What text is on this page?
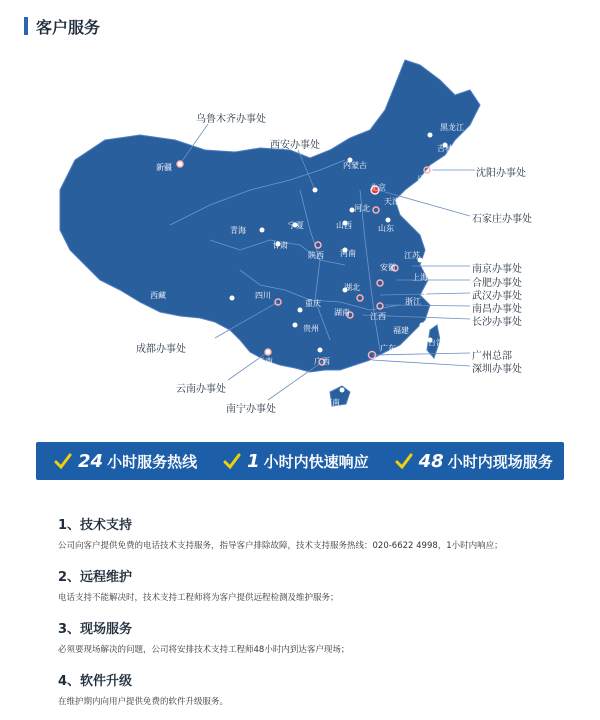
客户服务
黑龙江
吉林
辽宁
内蒙古
新疆
青海
甘肃
宁夏
陕西
山西
河北
北京
天津
山东
河南	江苏
安徽
上海
湖北
浙江
西藏	四川
重庆
湖南	江西
贵州	福建
台湾
云南	广西
广东
海南
乌鲁木齐办事处
西安办事处
沈阳办事处
石家庄办事处
南京办事处
合肥办事处
武汉办事处
南昌办事处
长沙办事处
成都办事处
广州总部
深圳办事处
云南办事处
南宁办事处
24 小时服务热线	1 小时内快速响应	48 小时内现场服务
1、技术支持
公司向客户提供免费的电话技术支持服务，指导客户排除故障，技术支持服务热线：020-6622 4998，1小时内响应；
2、远程维护
电话支持不能解决时，技术支持工程师将为客户提供远程检测及维护服务；
3、现场服务
必须要现场解决的问题，公司将安排技术支持工程师48小时内到达客户现场；
4、软件升级
在维护期内向用户提供免费的软件升级服务。
